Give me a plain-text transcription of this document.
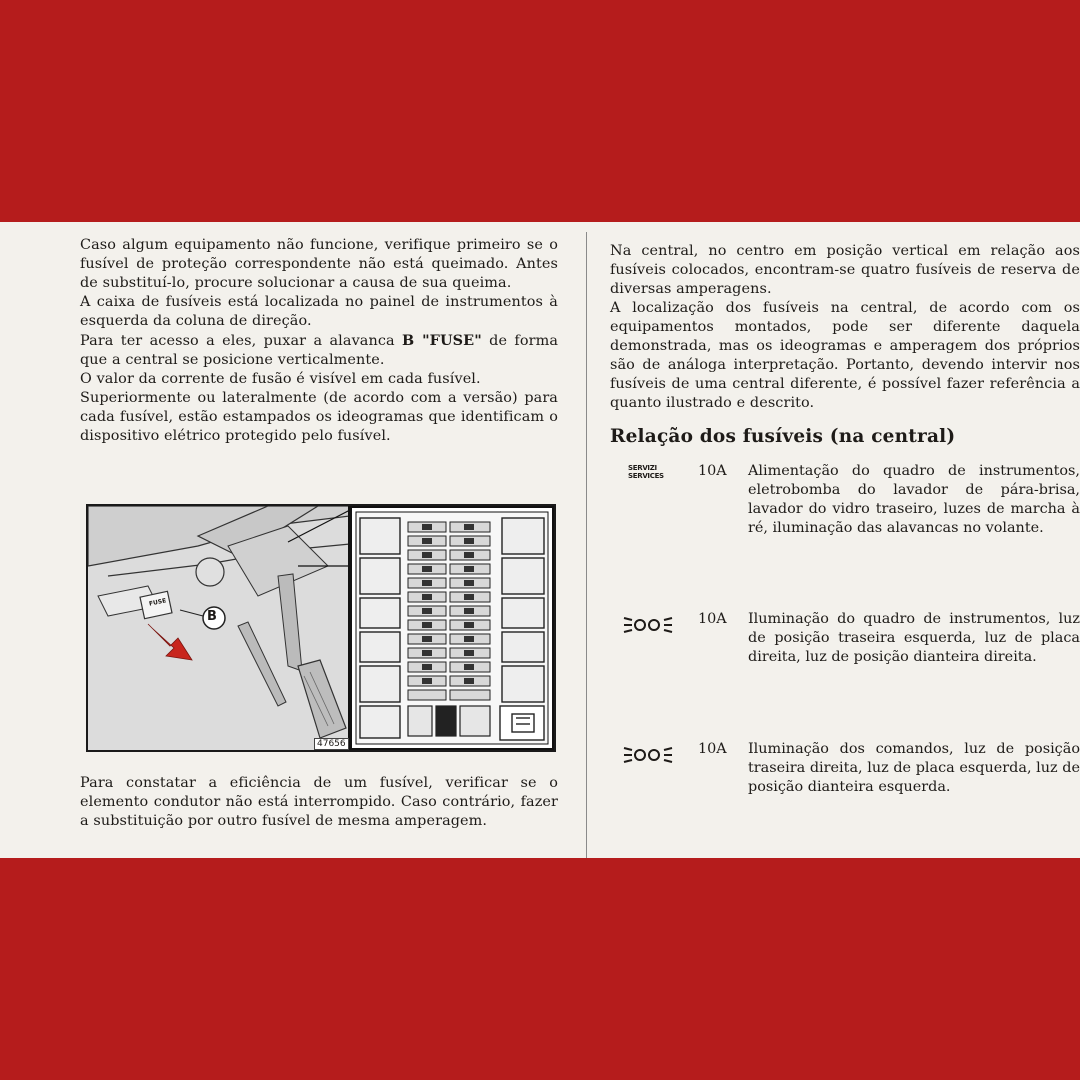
Caso algum equipamento não funcione, verifique primeiro se o fusível de proteção correspondente não está queimado. Antes de substituí-lo, procure solucionar a causa de sua queima.

A caixa de fusíveis está localizada no painel de instrumentos à esquerda da coluna de direção.

Para ter acesso a eles, puxar a alavanca B "FUSE" de forma que a central se posicione verticalmente.

O valor da corrente de fusão é visível em cada fusível.

Superiormente ou lateralmente (de acordo com a versão) para cada fusível, estão estampados os ideogramas que identificam o dispositivo elétrico protegido pelo fusível.

B
FUSE
47656

Para constatar a eficiência de um fusível, verificar se o elemento condutor não está interrompido. Caso contrário, fazer a substituição por outro fusível de mesma amperagem.

Na central, no centro em posição vertical em relação aos fusíveis colocados, encontram-se quatro fusíveis de reserva de diversas amperagens.

A localização dos fusíveis na central, de acordo com os equipamentos montados, pode ser diferente daquela demonstrada, mas os ideogramas e amperagem dos próprios são de análoga interpretação. Portanto, devendo intervir nos fusíveis de uma central diferente, é possível fazer referência a quanto ilustrado e descrito.

Relação dos fusíveis (na central)
SERVIZI
SERVICES	10A Alimentação do quadro de instrumentos, eletrobomba do lavador de pára-brisa, lavador do vidro traseiro, luzes de marcha à ré, iluminação das alavancas no volante.
10A Iluminação do quadro de instrumentos, luz de posição traseira esquerda, luz de placa direita, luz de posição dianteira direita.
10A Iluminação dos comandos, luz de posição traseira direita, luz de placa esquerda, luz de posição dianteira esquerda.
